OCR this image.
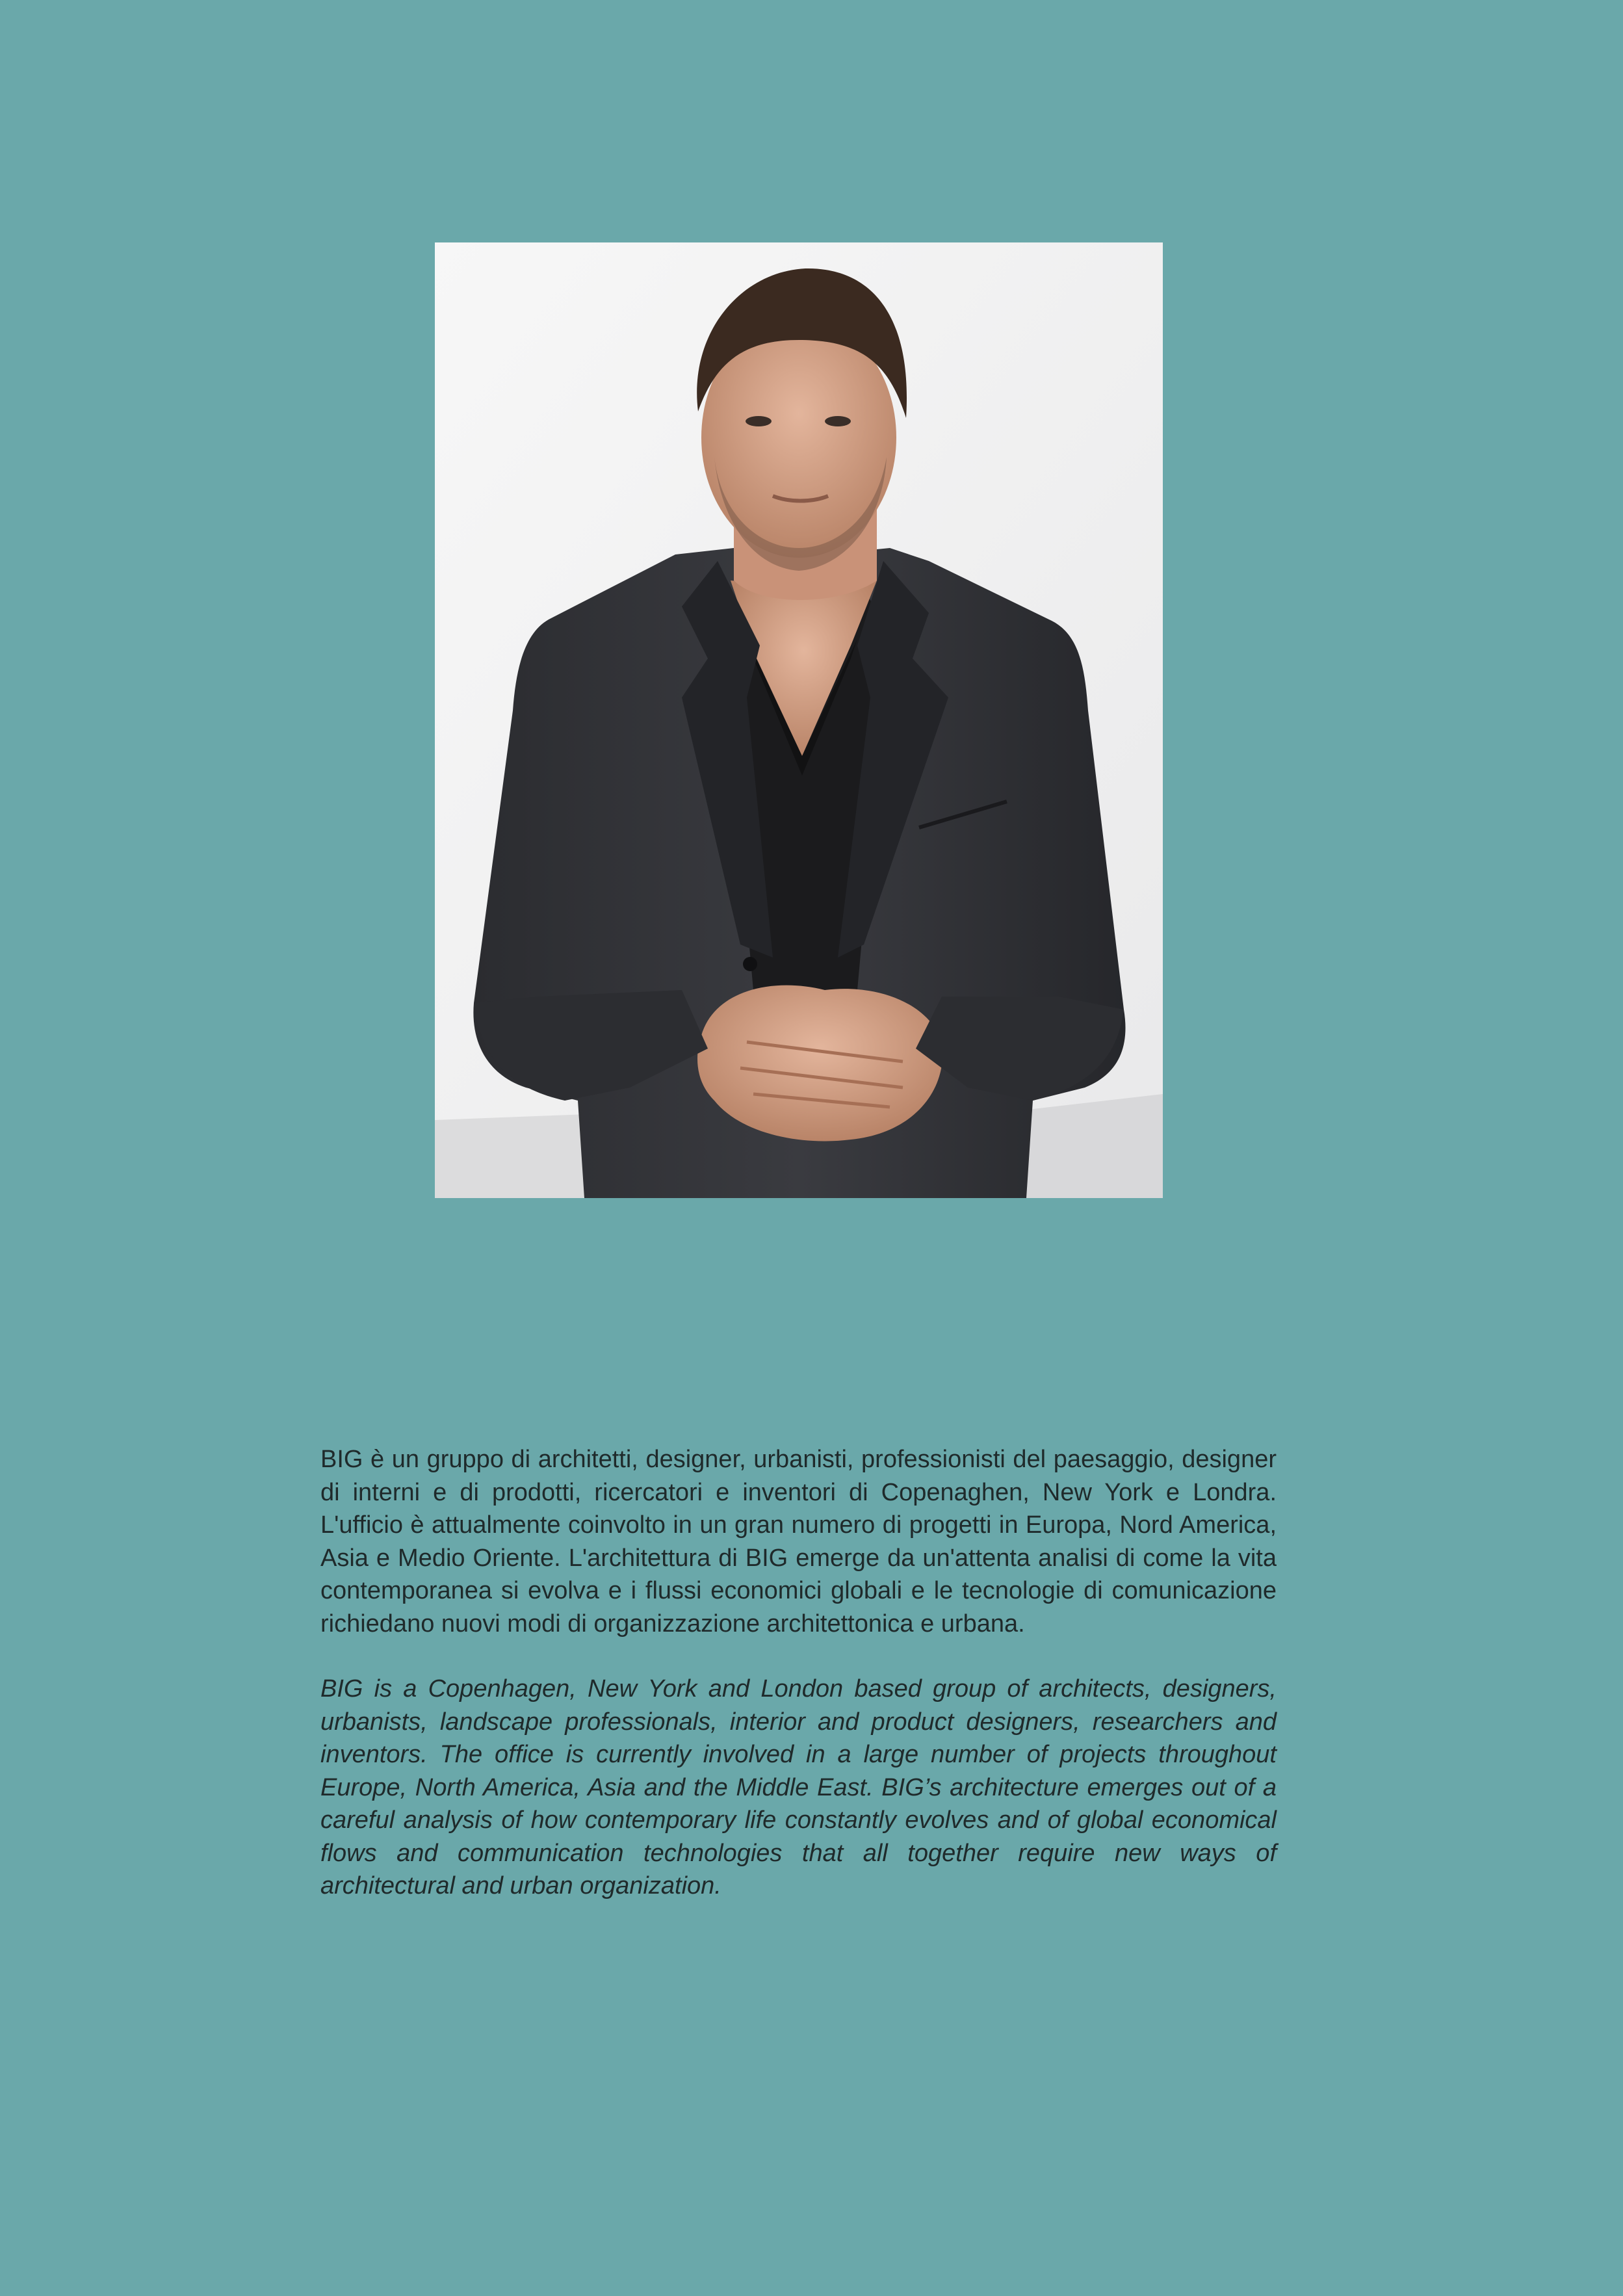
BIG è un gruppo di architetti, designer, urbanisti, professionisti del paesaggio, designer di interni e di prodotti, ricercatori e inventori di Copenaghen, New York e Londra. L'ufficio è attualmente coinvolto in un gran numero di progetti in Europa, Nord America, Asia e Medio Oriente. L'architettura di BIG emerge da un'attenta analisi di come la vita contemporanea si evolva e i flussi economici globali e le tecnologie di comunicazione richiedano nuovi modi di organizzazione architettonica e urbana.

BIG is a Copenhagen, New York and London based group of architects, designers, urbanists, landscape professionals, interior and product designers, researchers and inventors. The office is currently involved in a large number of projects throughout Europe, North America, Asia and the Middle East. BIG’s architecture emerges out of a careful analysis of how contemporary life constantly evolves and of global economical flows and communication technologies that all together require new ways of architectural and urban organization.
